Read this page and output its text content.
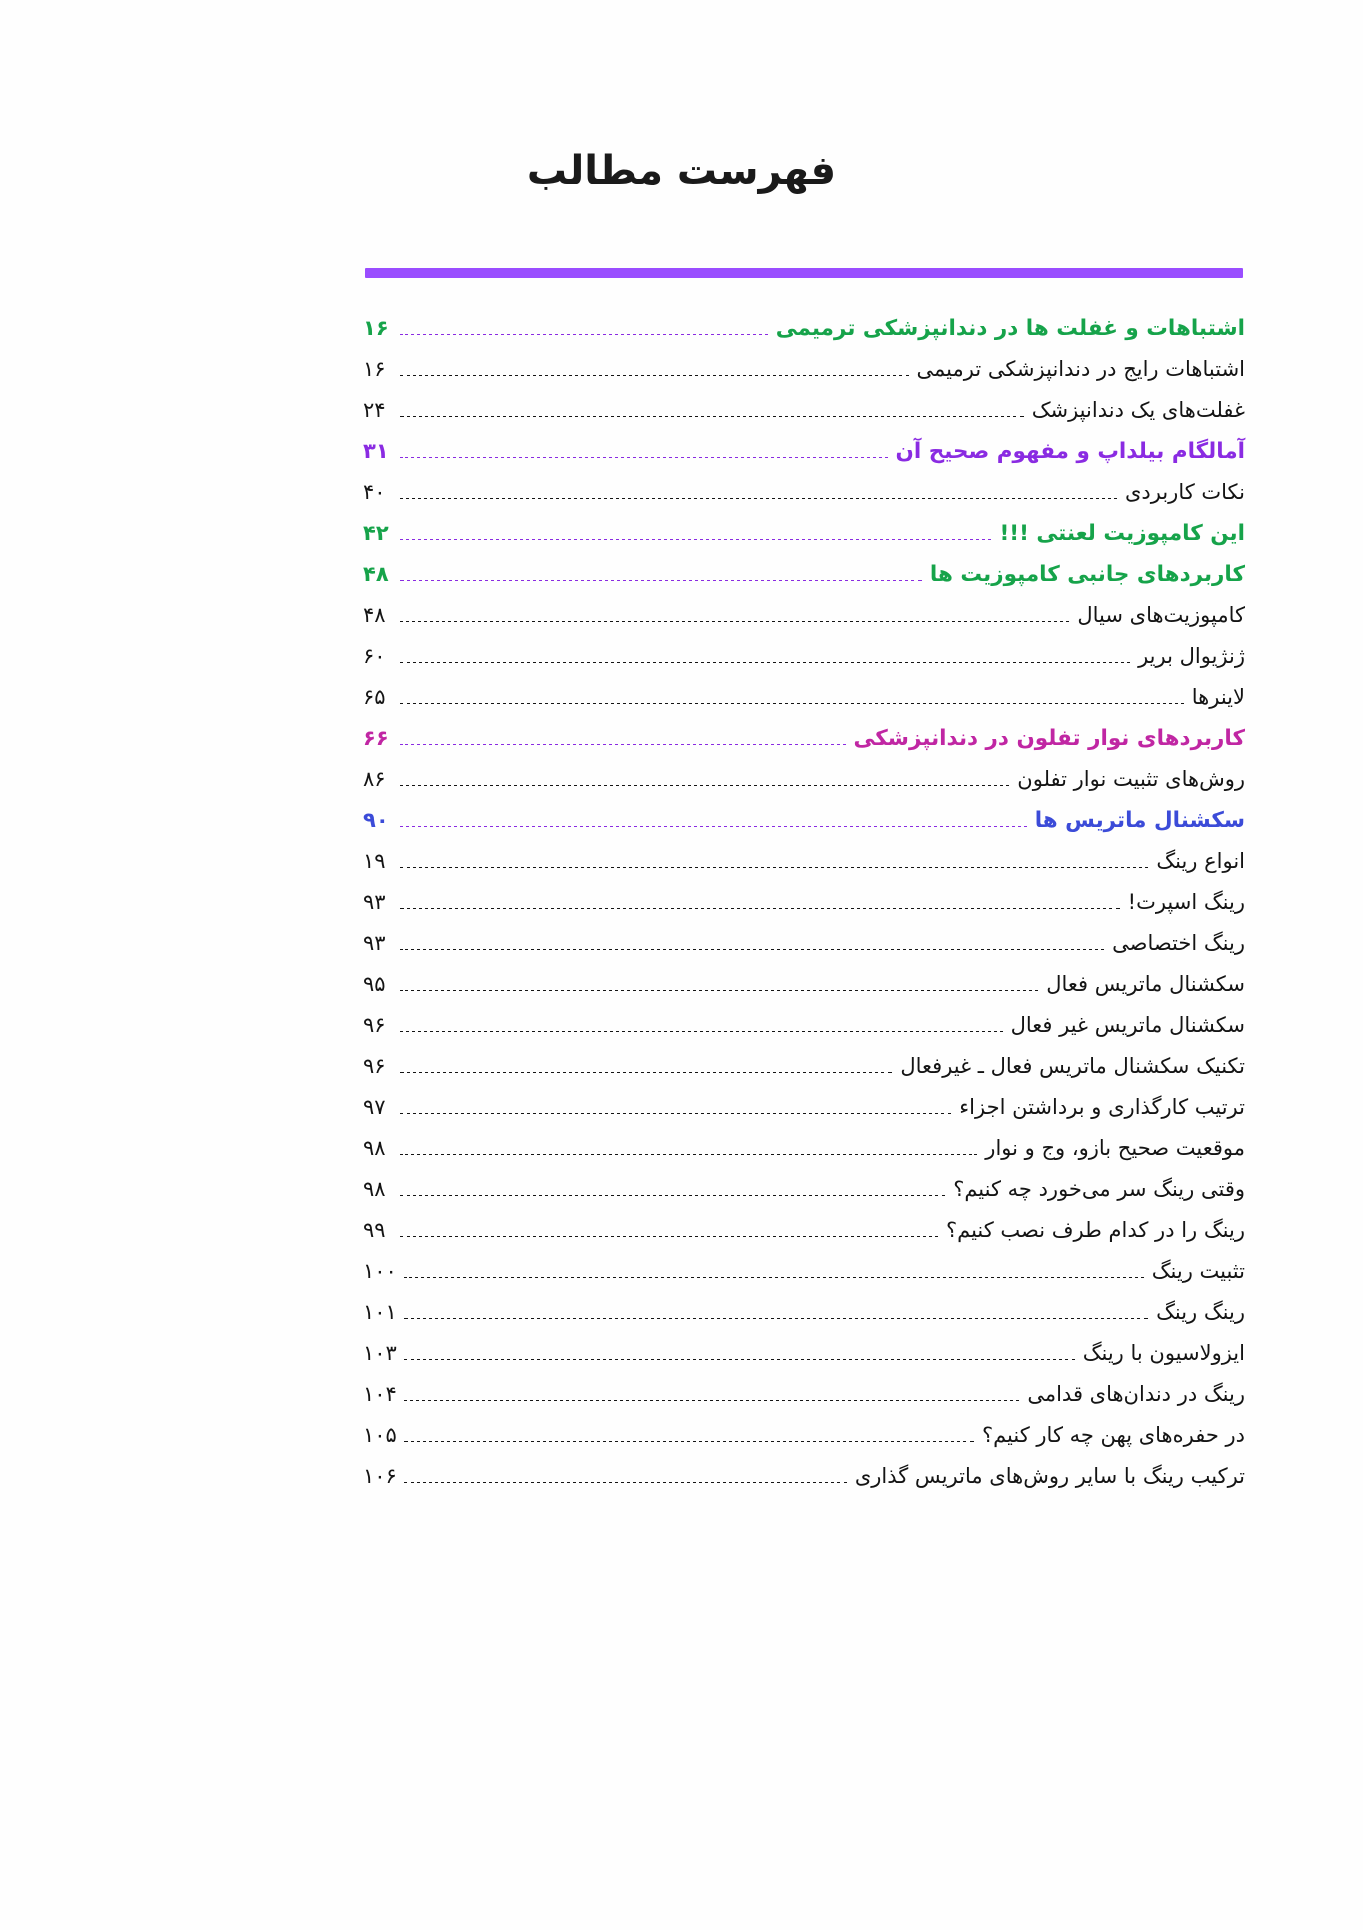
فهرست مطالب
اشتباهات و غفلت ها در دندانپزشکی ترمیمی
۱۶
اشتباهات رایج در دندانپزشکی ترمیمی
۱۶
غفلت‌های یک دندانپزشک
۲۴
آمالگام بیلداپ و مفهوم صحیح آن
۳۱
نکات کاربردی
۴۰
این کامپوزیت لعنتی !!!
۴۲
کاربردهای جانبی کامپوزیت ها
۴۸
کامپوزیت‌های سیال
۴۸
ژنژیوال بریر
۶۰
لاینرها
۶۵
کاربردهای نوار تفلون در دندانپزشکی
۶۶
روش‌های تثبیت نوار تفلون
۸۶
سکشنال ماتریس ها
۹۰
انواع رینگ
۱۹
رینگ اسپرت!
۹۳
رینگ اختصاصی
۹۳
سکشنال ماتریس فعال
۹۵
سکشنال ماتریس غیر فعال
۹۶
تکنیک سکشنال ماتریس فعال ـ غیرفعال
۹۶
ترتیب کارگذاری و برداشتن اجزاء
۹۷
موقعیت صحیح بازو، وج و نوار
۹۸
وقتی رینگ سر می‌خورد چه کنیم؟
۹۸
رینگ را در کدام طرف نصب کنیم؟
۹۹
تثبیت رینگ
۱۰۰
رینگ رینگ
۱۰۱
ایزولاسیون با رینگ
۱۰۳
رینگ در دندان‌های قدامی
۱۰۴
در حفره‌های پهن چه کار کنیم؟
۱۰۵
ترکیب رینگ با سایر روش‌های ماتریس گذاری
۱۰۶
